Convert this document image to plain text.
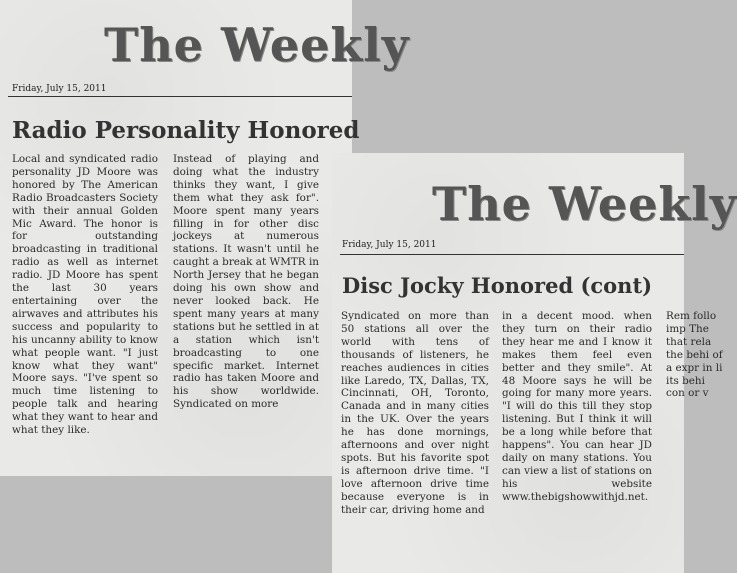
The Weekly
Friday, July 15, 2011
Radio Personality Honored
Local and syndicated radio personality JD Moore was honored by The American Radio Broadcasters Society with their annual Golden Mic Award. The honor is for outstanding broadcasting in traditional radio as well as internet radio. JD Moore has spent the last 30 years entertaining over the airwaves and attributes his success and popularity to his uncanny ability to know what people want. "I just know what they want" Moore says. "I've spent so much time listening to people talk and hearing what they want to hear and what they like.
Instead of playing and doing what the industry thinks they want, I give them what they ask for". Moore spent many years filling in for other disc jockeys at numerous stations. It wasn't until he caught a break at WMTR in North Jersey that he began doing his own show and never looked back. He spent many years at many stations but he settled in at a station which isn't broadcasting to one specific market. Internet radio has taken Moore and his show worldwide. Syndicated on more
The Weekly
Friday, July 15, 2011
Disc Jocky Honored (cont)
Syndicated on more than 50 stations all over the world with tens of thousands of listeners, he reaches audiences in cities like Laredo, TX, Dallas, TX, Cincinnati, OH, Toronto, Canada and in many cities in the UK. Over the years he has done mornings, afternoons and over night spots. But his favorite spot is afternoon drive time. "I love afternoon drive time because everyone is in their car, driving home and
in a decent mood. when they turn on their radio they hear me and I know it makes them feel even better and they smile". At 48 Moore says he will be going for many more years. "I will do this till they stop listening. But I think it will be a long while before that happens". You can hear JD daily on many stations. You can view a list of stations on his website www.thebigshowwithjd.net.
Rem follo imp The that rela the behi of a expr in li its behi con or v
